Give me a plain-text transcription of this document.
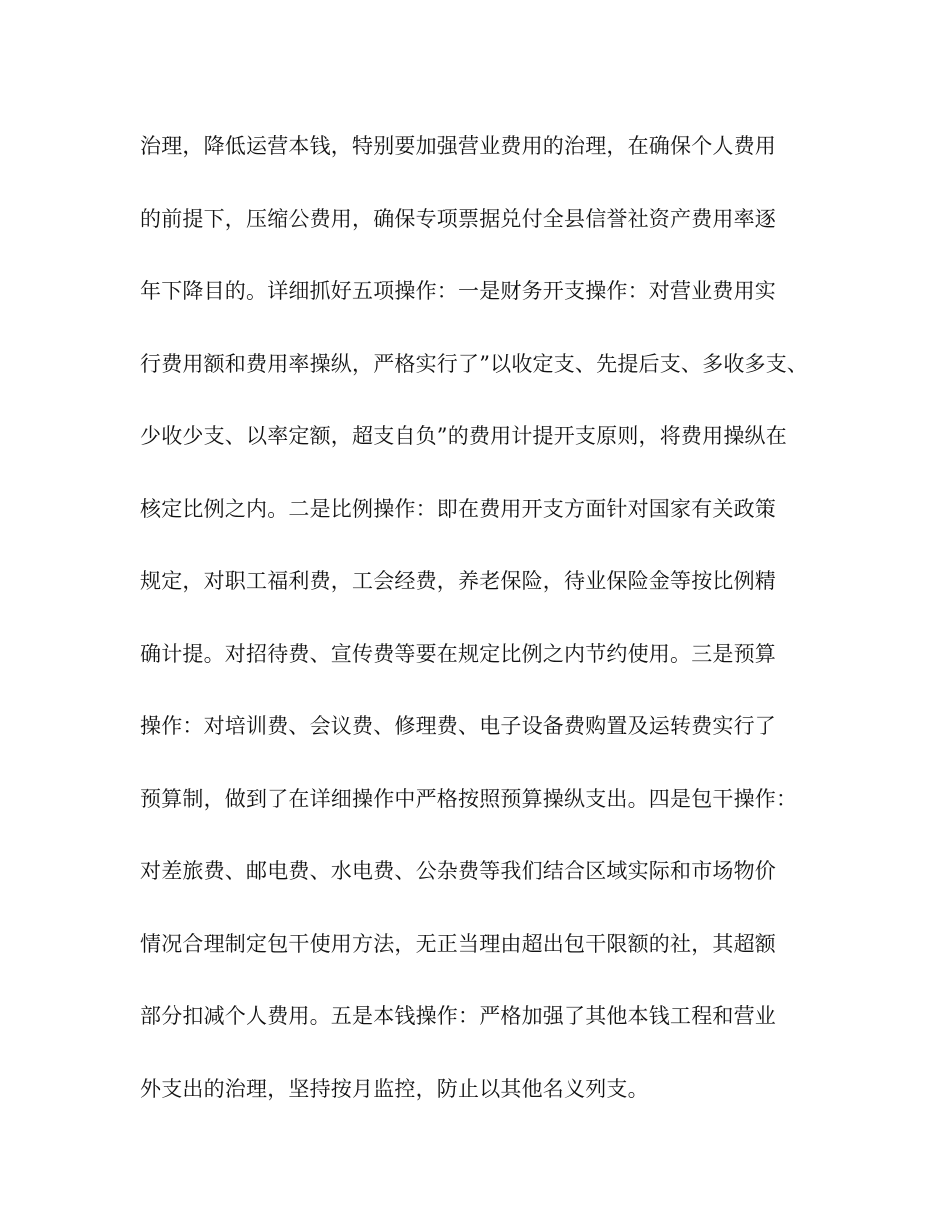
治理，降低运营本钱，特别要加强营业费用的治理，在确保个人费用
的前提下，压缩公费用，确保专项票据兑付全县信誉社资产费用率逐
年下降目的。详细抓好五项操作：一是财务开支操作：对营业费用实
行费用额和费用率操纵，严格实行了”以收定支、先提后支、多收多支、
少收少支、以率定额，超支自负”的费用计提开支原则，将费用操纵在
核定比例之内。二是比例操作：即在费用开支方面针对国家有关政策
规定，对职工福利费，工会经费，养老保险，待业保险金等按比例精
确计提。对招待费、宣传费等要在规定比例之内节约使用。三是预算
操作：对培训费、会议费、修理费、电子设备费购置及运转费实行了
预算制，做到了在详细操作中严格按照预算操纵支出。四是包干操作：
对差旅费、邮电费、水电费、公杂费等我们结合区域实际和市场物价
情况合理制定包干使用方法，无正当理由超出包干限额的社，其超额
部分扣减个人费用。五是本钱操作：严格加强了其他本钱工程和营业
外支出的治理，坚持按月监控，防止以其他名义列支。
